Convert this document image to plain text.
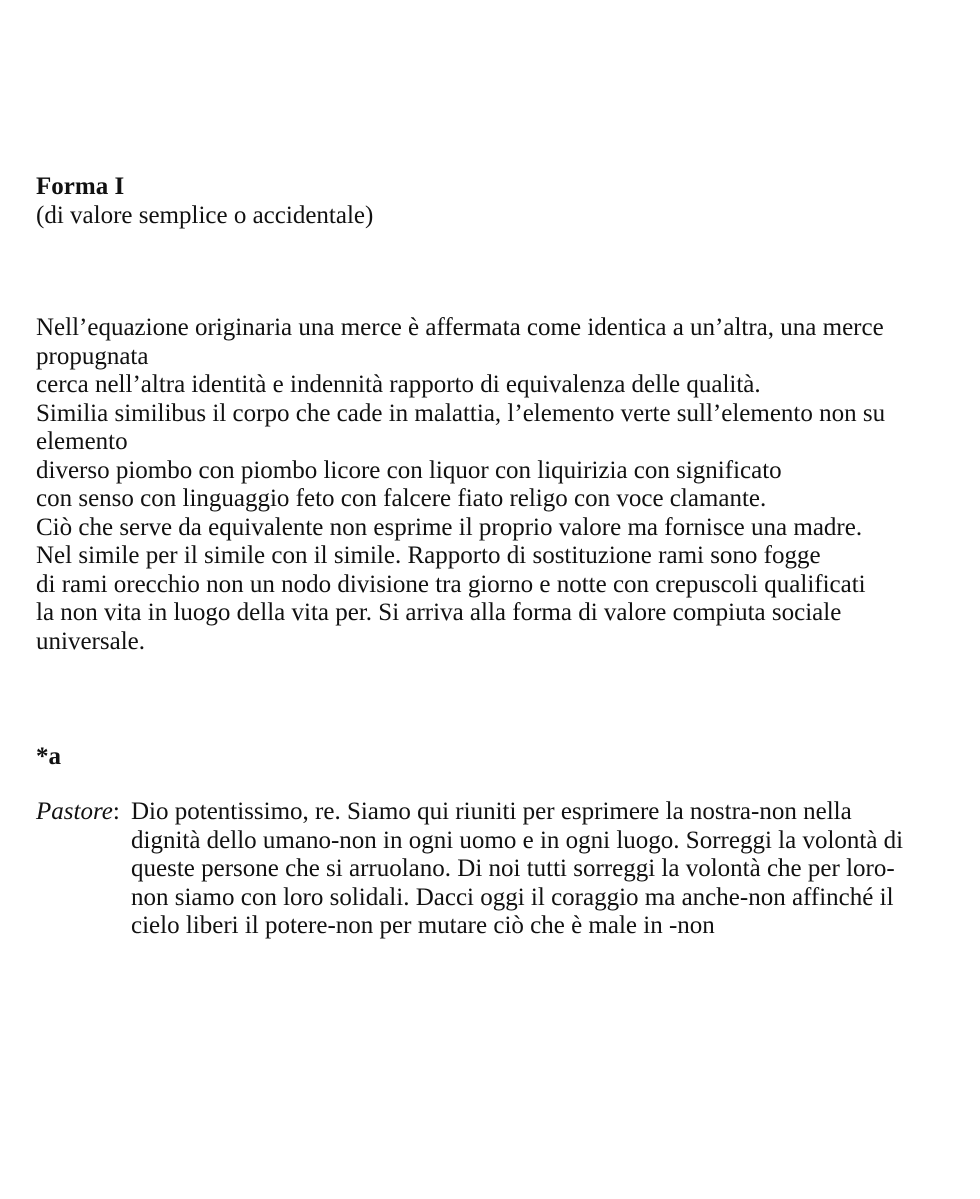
Forma I

(di valore semplice o accidentale)

Nell’equazione originaria una merce è affermata come identica a un’altra, una merce
propugnata
cerca nell’altra identità e indennità rapporto di equivalenza delle qualità.
Similia similibus il corpo che cade in malattia, l’elemento verte sull’elemento non su
elemento
diverso piombo con piombo licore con liquor con liquirizia con significato
con senso con linguaggio feto con falcere fiato religo con voce clamante.
Ciò che serve da equivalente non esprime il proprio valore ma fornisce una madre.
Nel simile per il simile con il simile. Rapporto di sostituzione rami sono fogge
di rami orecchio non un nodo divisione tra giorno e notte con crepuscoli qualificati
la non vita in luogo della vita per. Si arriva alla forma di valore compiuta sociale
universale.
*a
Pastore: Dio potentissimo, re. Siamo qui riuniti per esprimere la nostra-non nella
dignità dello umano-non in ogni uomo e in ogni luogo. Sorreggi la volontà di
queste persone che si arruolano. Di noi tutti sorreggi la volontà che per loro-
non siamo con loro solidali. Dacci oggi il coraggio ma anche-non affinché il
cielo liberi il potere-non per mutare ciò che è male in -non
